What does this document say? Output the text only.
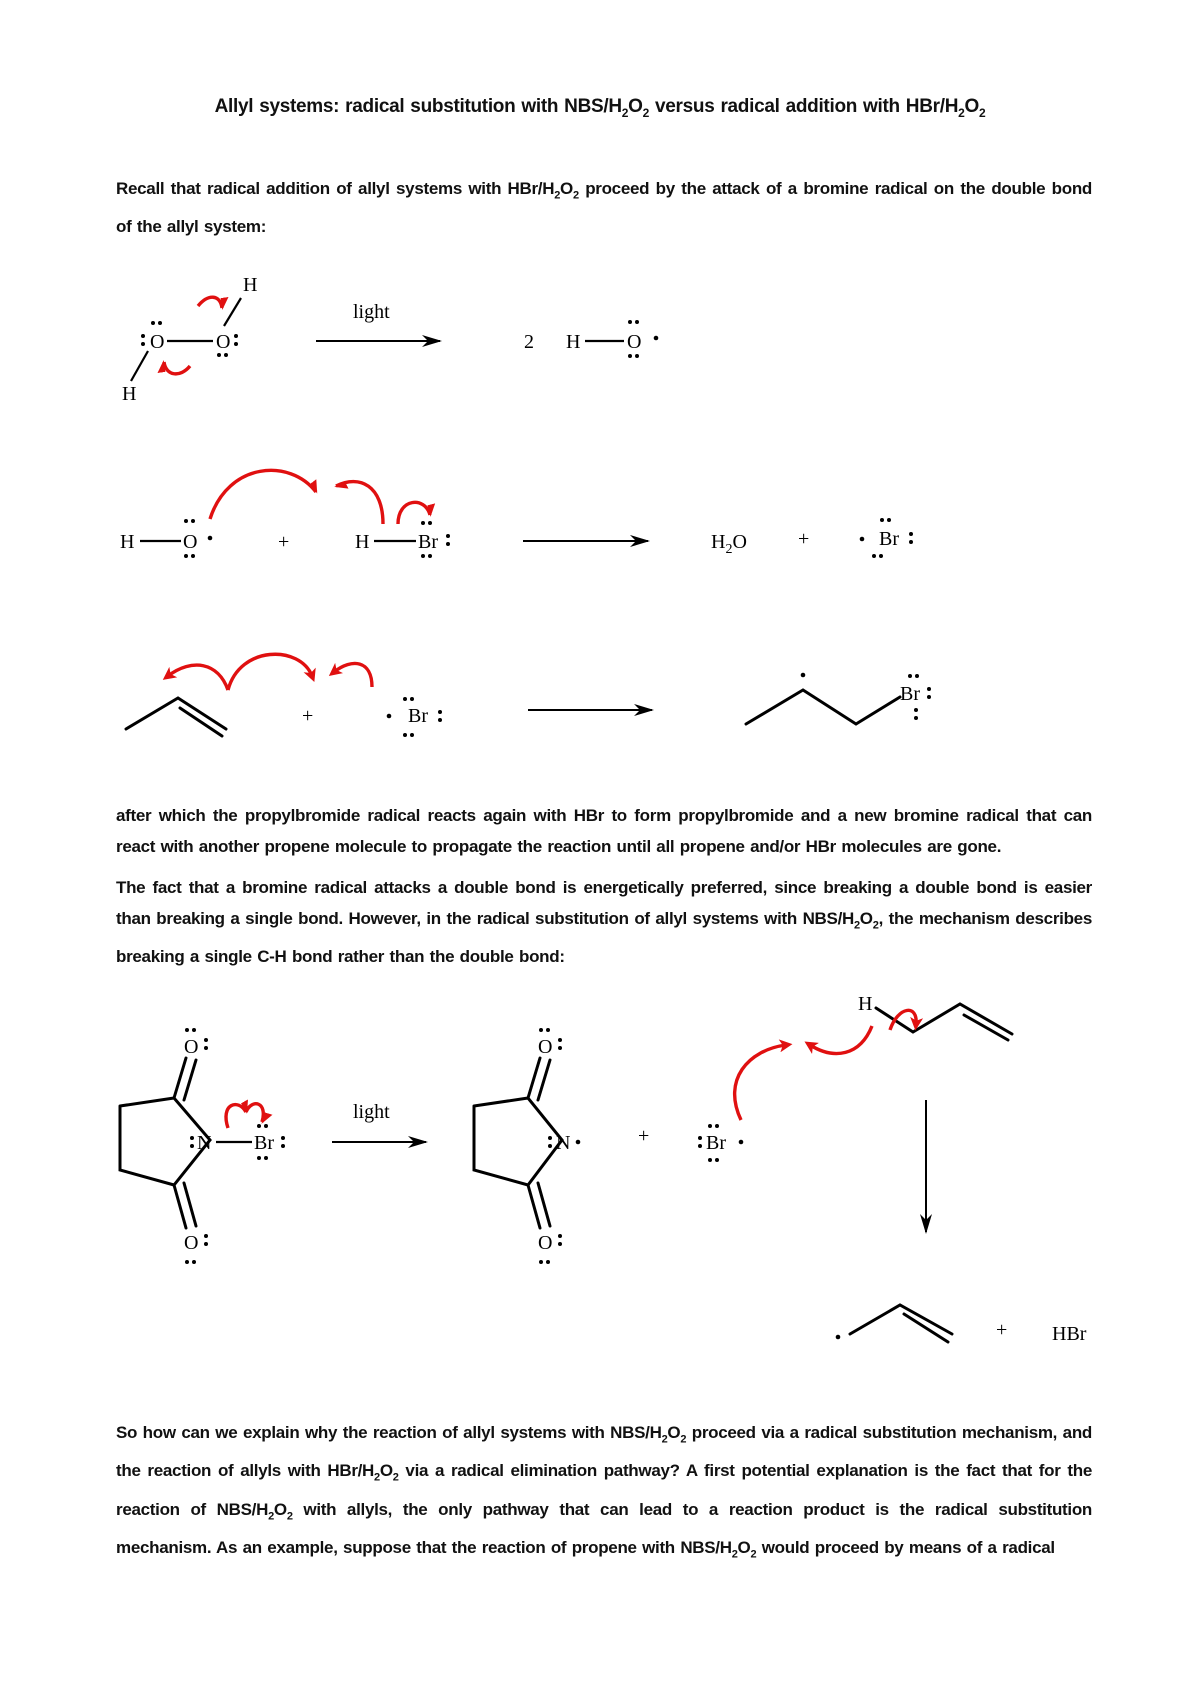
Allyl systems: radical substitution with NBS/$H_2O_2$ versus radical addition with HBr/$H_2O_2$
Recall that radical addition of allyl systems with HBr/$H_2O_2$ proceed by the attack of a bromine radical on the double bond of the allyl system:
after which the propylbromide radical reacts again with HBr to form propylbromide and a new bromine radical that can react with another propene molecule to propagate the reaction until all propene and/or HBr molecules are gone.
The fact that a bromine radical attacks a double bond is energetically preferred, since breaking a double bond is easier than breaking a single bond. However, in the radical substitution of allyl systems with NBS/$H_2O_2$, the mechanism describes breaking a single C-H bond rather than the double bond:
So how can we explain why the reaction of allyl systems with NBS/$H_2O_2$ proceed via a radical substitution mechanism, and the reaction of allyls with HBr/$H_2O_2$ via a radical elimination pathway? A first potential explanation is the fact that for the reaction of NBS/$H_2O_2$ with allyls, the only pathway that can lead to a reaction product is the radical substitution mechanism. As an example, suppose that the reaction of propene with NBS/$H_2O_2$ would proceed by means of a radical
O	O
H
H
light
2 H O
H O	+	H Br	$H_2O$	+	Br
+	Br
Br
O
O
N Br
light
O
O
N	+	Br
H
+ HBr
